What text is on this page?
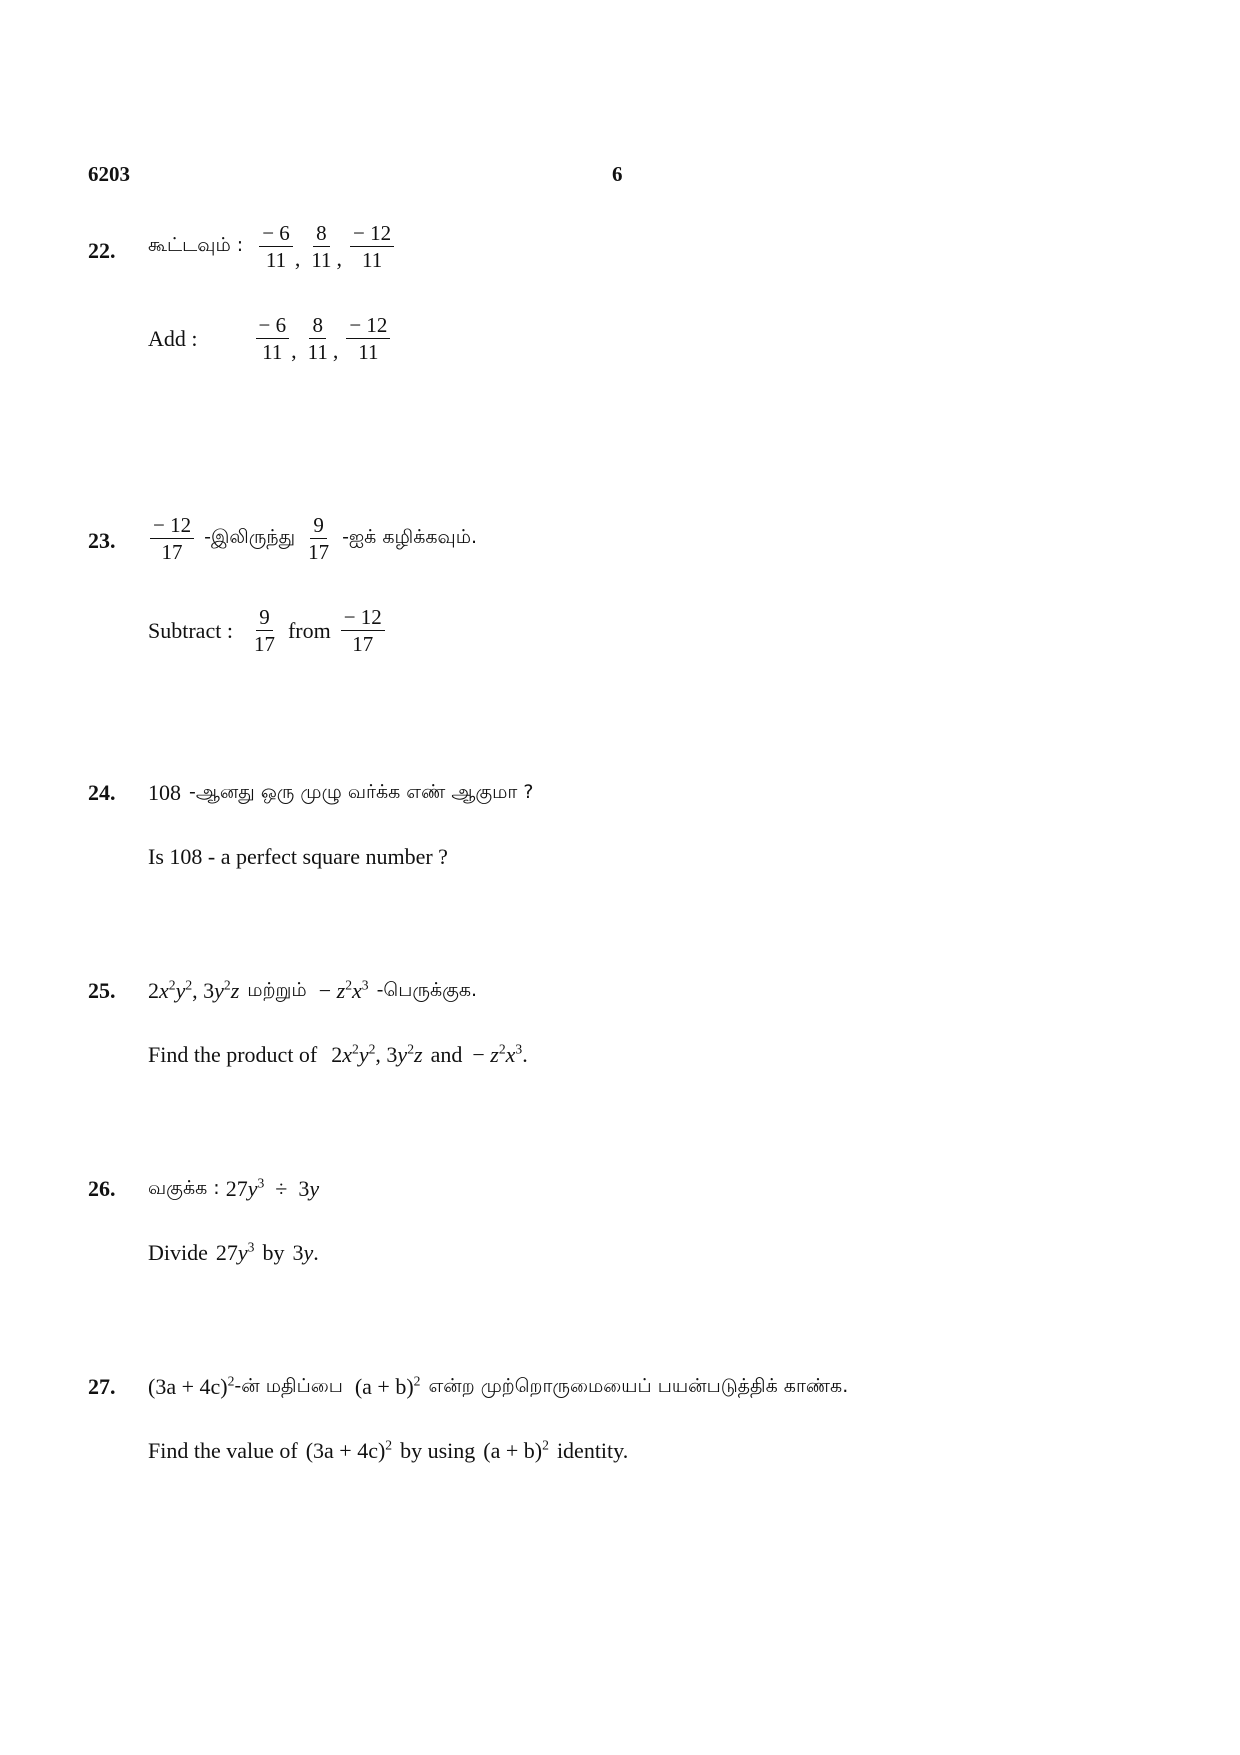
6203	6
22. கூட்டவும் : $\frac{- 6}{11}$ , $\frac{8}{11}$ , $\frac{- 12}{11}$
Add :	$\frac{- 6}{11}$ , $\frac{8}{11}$ , $\frac{- 12}{11}$
23. $\frac{- 12}{17}$ -இலிருந்து $\frac{9}{17}$ -ஐக் கழிக்கவும்.
Subtract : $\frac{9}{17}$ from $\frac{- 12}{17}$
24. 108 -ஆனது ஒரு முழு வர்க்க எண் ஆகுமா ?
Is 108 - a perfect square number ?
25. $2x^2y^2$, $3y^2z$ மற்றும் − $z^2x^3$ -பெருக்குக.
Find the product of $2x^2y^2$, $3y^2z$ and − $z^2x^3$.
26. வகுக்க : $27y^3 \div 3y$
Divide $27y^3$ by 3y.
27. $(3a + 4c)^2$ -ன் மதிப்பை $(a + b)^2$ என்ற முற்றொருமையைப் பயன்படுத்திக் காண்க.
Find the value of $(3a + 4c)^2$ by using $(a + b)^2$ identity.
